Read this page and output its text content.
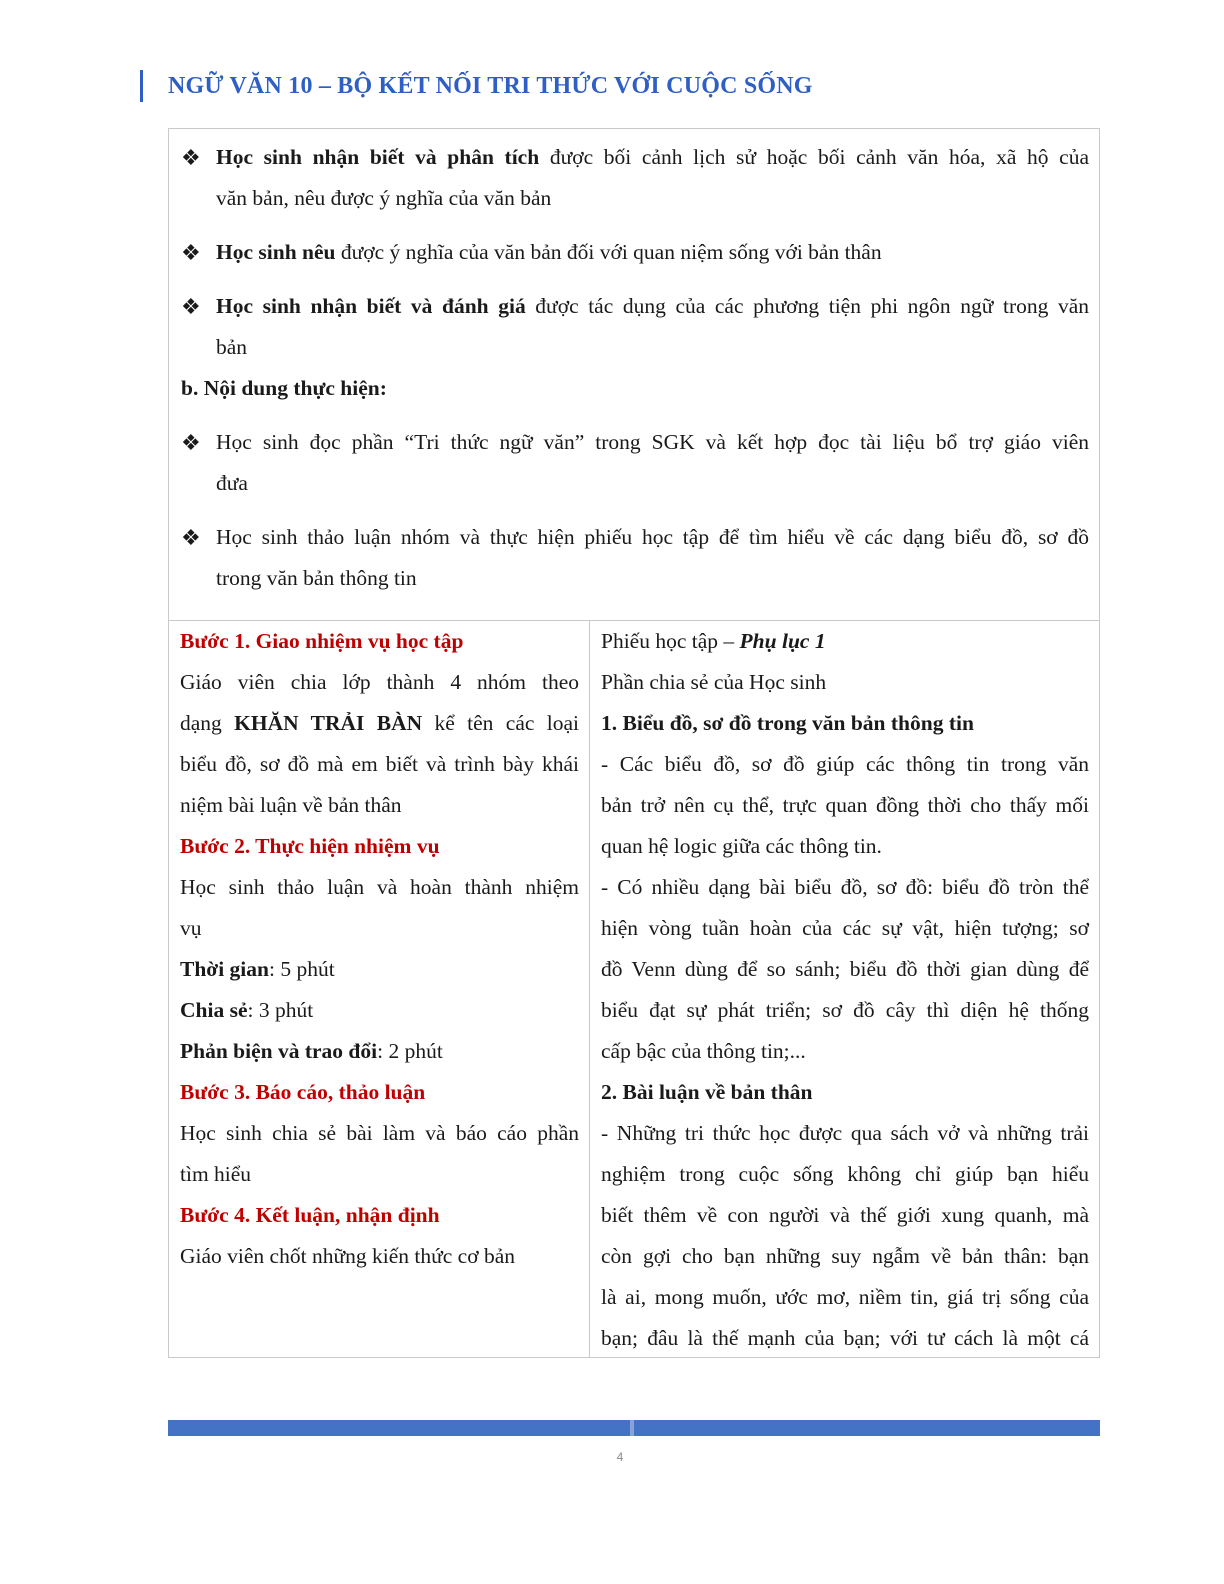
NGỮ VĂN 10 – BỘ KẾT NỐI TRI THỨC VỚI CUỘC SỐNG
❖ Học sinh nhận biết và phân tích được bối cảnh lịch sử hoặc bối cảnh văn hóa, xã hộ của
văn bản, nêu được ý nghĩa của văn bản
❖ Học sinh nêu được ý nghĩa của văn bản đối với quan niệm sống với bản thân
❖ Học sinh nhận biết và đánh giá được tác dụng của các phương tiện phi ngôn ngữ trong văn
bản
b. Nội dung thực hiện:
❖ Học sinh đọc phần “Tri thức ngữ văn” trong SGK và kết hợp đọc tài liệu bổ trợ giáo viên
đưa
❖ Học sinh thảo luận nhóm và thực hiện phiếu học tập để tìm hiểu về các dạng biểu đồ, sơ đồ
trong văn bản thông tin
Bước 1. Giao nhiệm vụ học tập
Giáo viên chia lớp thành 4 nhóm theo
dạng KHĂN TRẢI BÀN kể tên các loại
biểu đồ, sơ đồ mà em biết và trình bày khái
niệm bài luận về bản thân
Bước 2. Thực hiện nhiệm vụ
Học sinh thảo luận và hoàn thành nhiệm
vụ
Thời gian: 5 phút
Chia sẻ: 3 phút
Phản biện và trao đổi: 2 phút
Bước 3. Báo cáo, thảo luận
Học sinh chia sẻ bài làm và báo cáo phần
tìm hiểu
Bước 4. Kết luận, nhận định
Giáo viên chốt những kiến thức cơ bản
Phiếu học tập – Phụ lục 1
Phần chia sẻ của Học sinh
1. Biểu đồ, sơ đồ trong văn bản thông tin
- Các biểu đồ, sơ đồ giúp các thông tin trong văn
bản trở nên cụ thể, trực quan đồng thời cho thấy mối
quan hệ logic giữa các thông tin.
- Có nhiều dạng bài biểu đồ, sơ đồ: biểu đồ tròn thể
hiện vòng tuần hoàn của các sự vật, hiện tượng; sơ
đồ Venn dùng để so sánh; biểu đồ thời gian dùng để
biểu đạt sự phát triển; sơ đồ cây thì diện hệ thống
cấp bậc của thông tin;...
2. Bài luận về bản thân
- Những tri thức học được qua sách vở và những trải
nghiệm trong cuộc sống không chỉ giúp bạn hiểu
biết thêm về con người và thế giới xung quanh, mà
còn gợi cho bạn những suy ngẫm về bản thân: bạn
là ai, mong muốn, ước mơ, niềm tin, giá trị sống của
bạn; đâu là thế mạnh của bạn; với tư cách là một cá
4
